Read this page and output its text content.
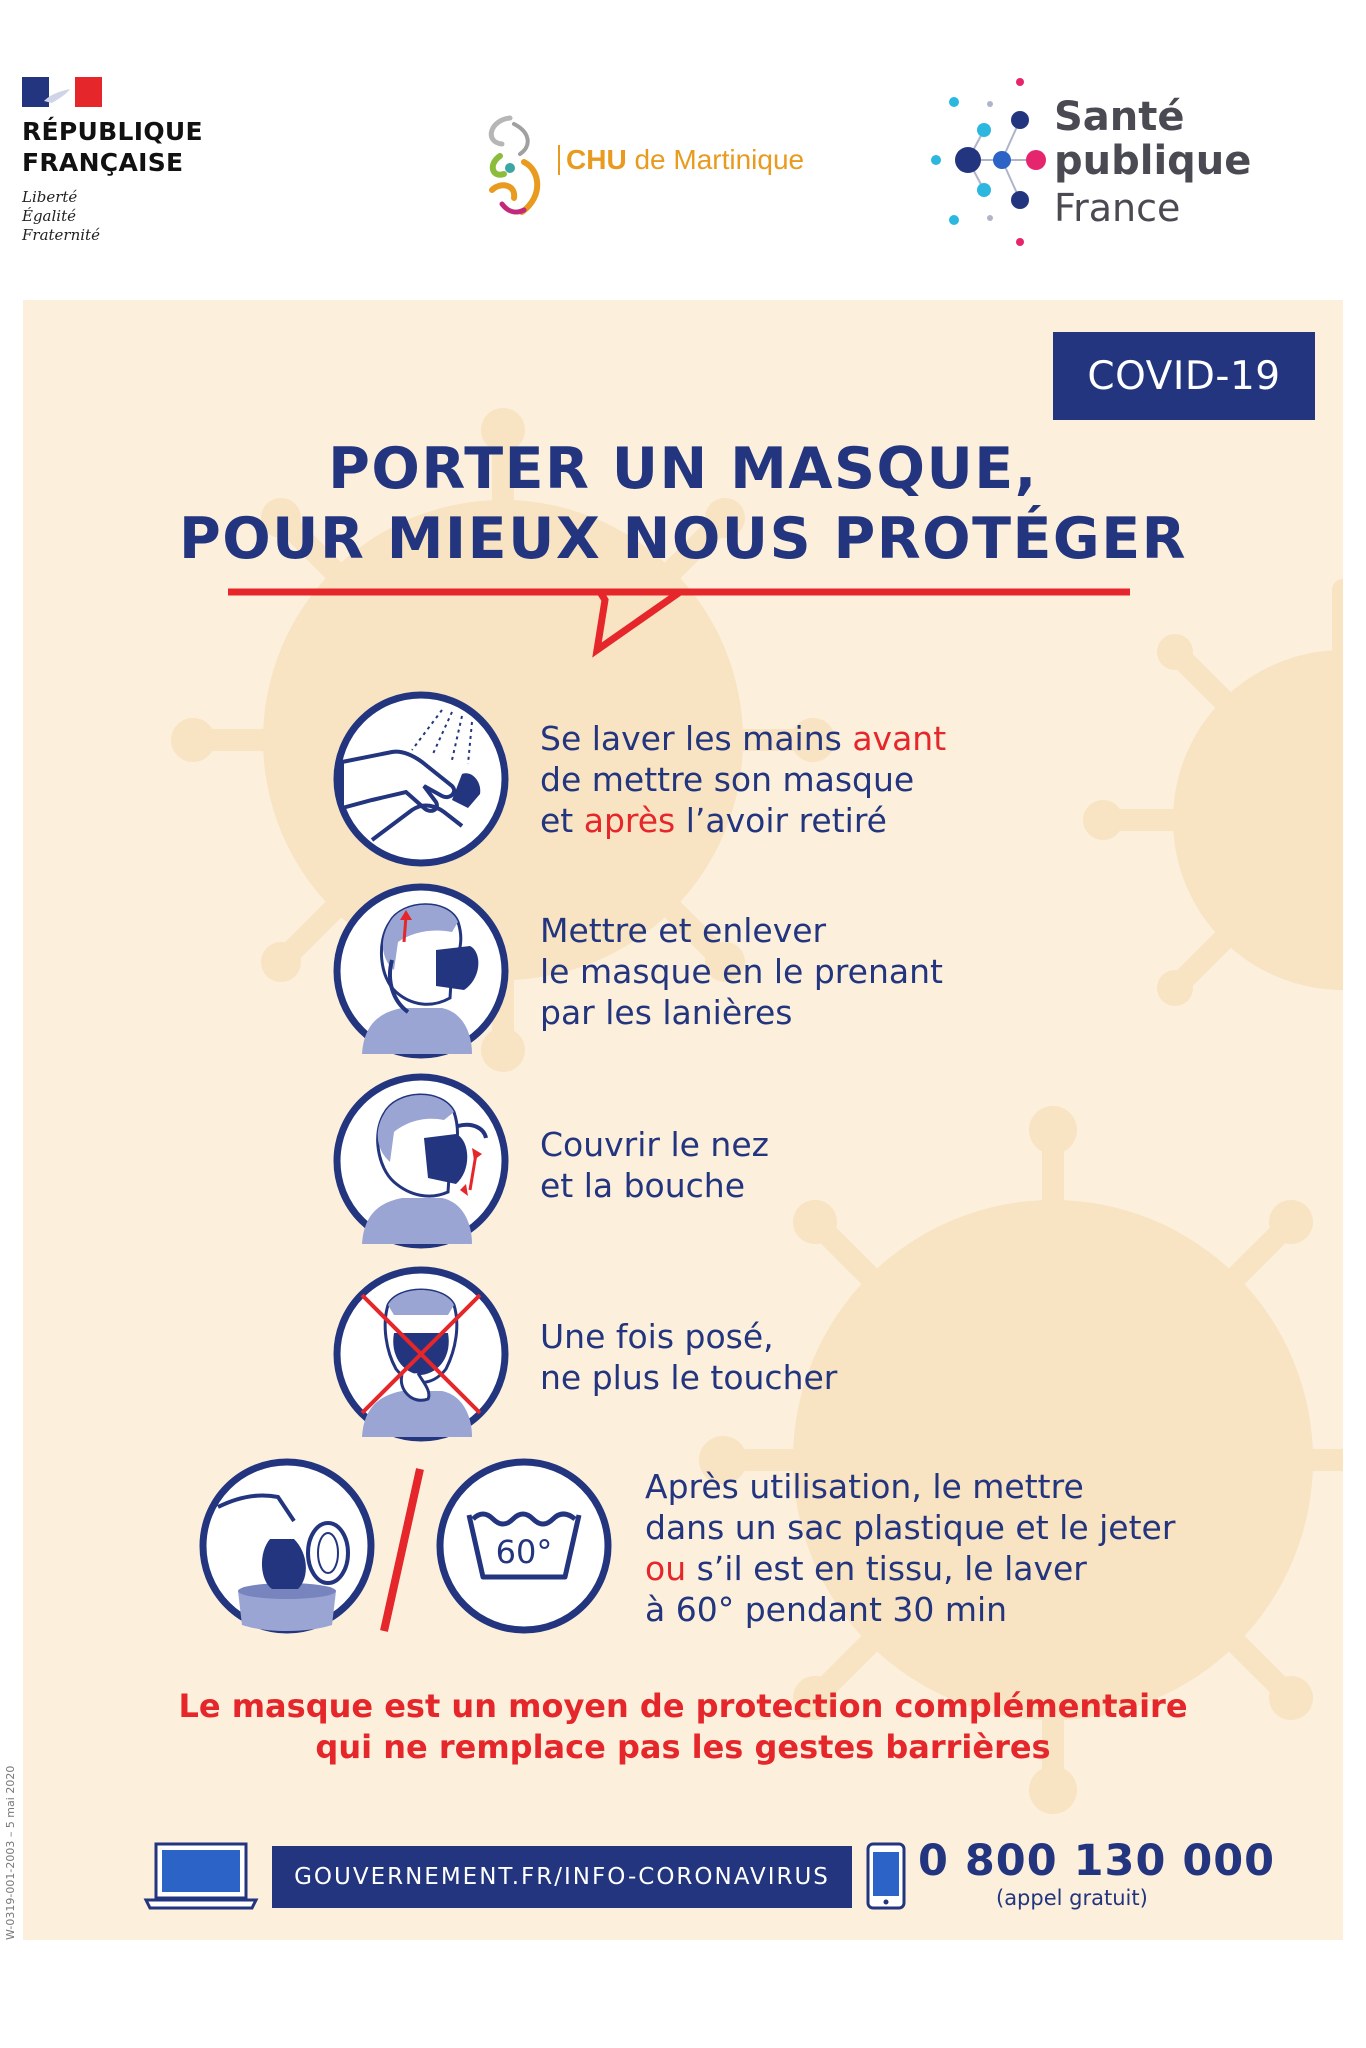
RÉPUBLIQUE
FRANÇAISE
Liberté
Égalité
Fraternité
CHU de Martinique
Santé
publique
France
COVID-19
PORTER UN MASQUE,
POUR MIEUX NOUS PROTÉGER
Se laver les mains avant
de mettre son masque
et après l’avoir retiré
Mettre et enlever
le masque en le prenant
par les lanières
Couvrir le nez
et la bouche
Une fois posé,
ne plus le toucher
60°
Après utilisation, le mettre
dans un sac plastique et le jeter
ou s’il est en tissu, le laver
à 60° pendant 30 min
Le masque est un moyen de protection complémentaire
qui ne remplace pas les gestes barrières
GOUVERNEMENT.FR/INFO-CORONAVIRUS	0 800 130 000
(appel gratuit)
W-0319-001-2003 – 5 mai 2020
